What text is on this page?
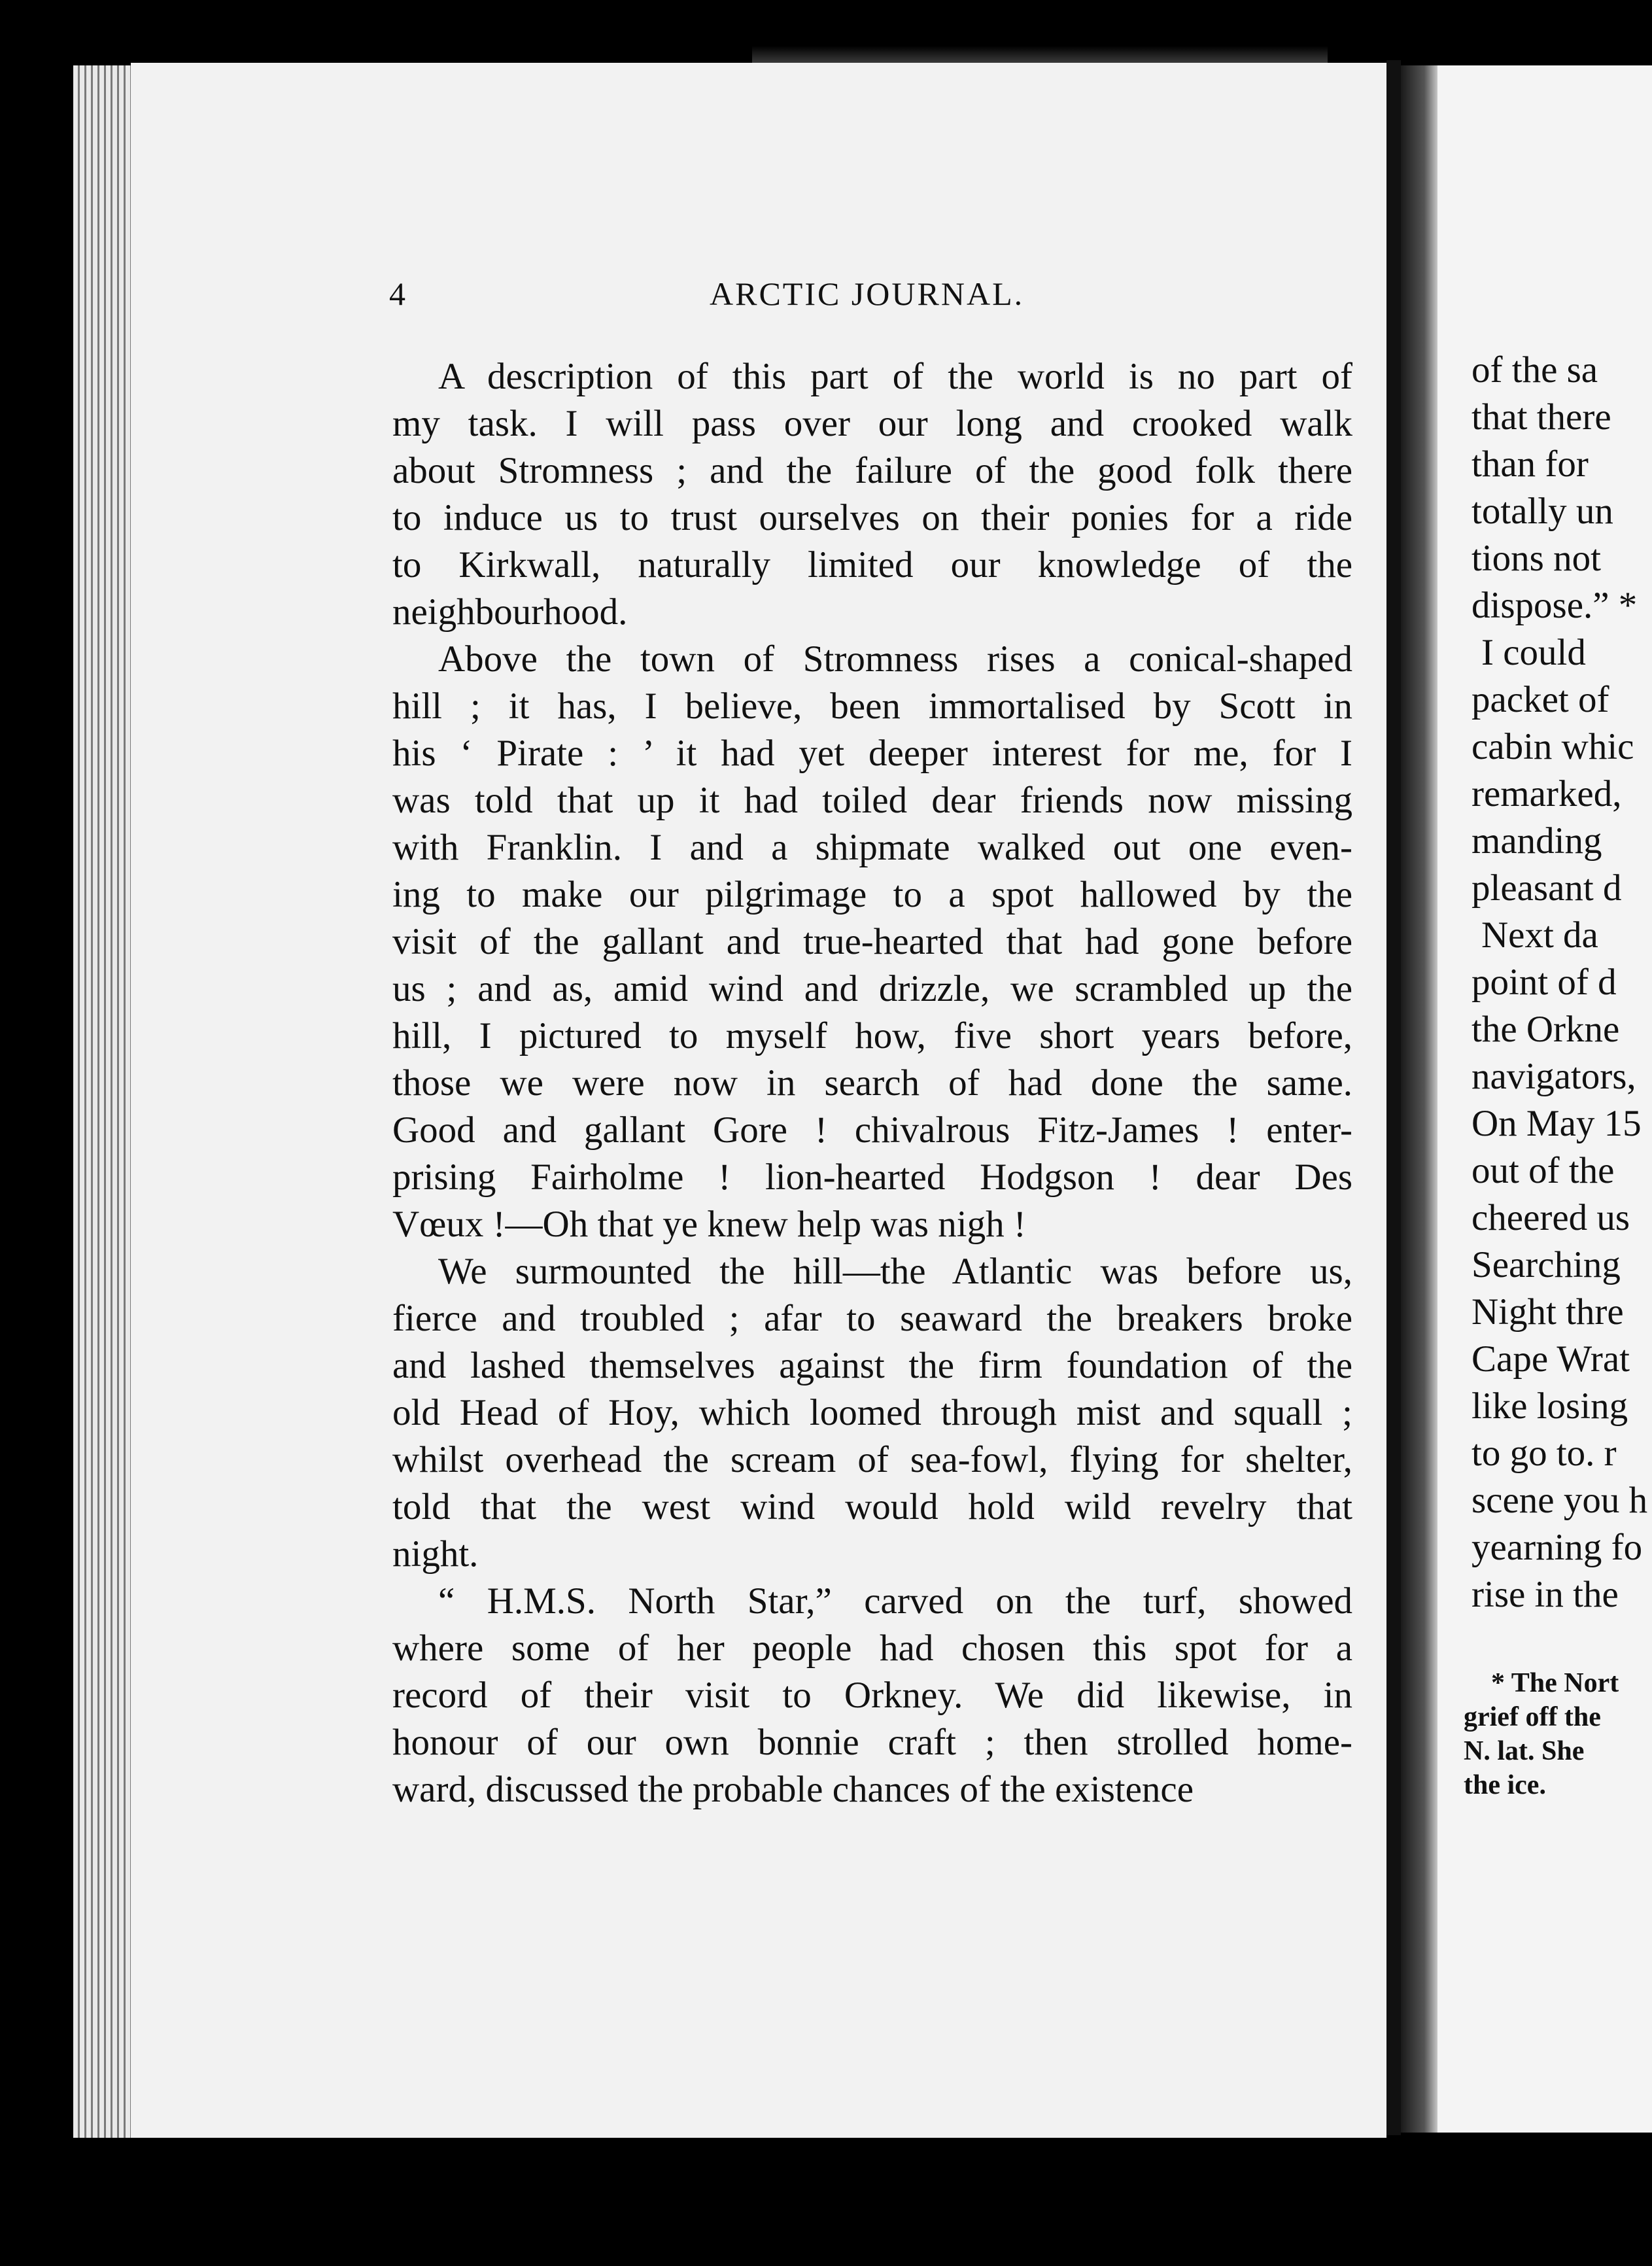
4	ARCTIC JOURNAL.
A description of this part of the world is no part of
my task. I will pass over our long and crooked walk
about Stromness ; and the failure of the good folk there
to induce us to trust ourselves on their ponies for a ride
to Kirkwall, naturally limited our knowledge of the
neighbourhood.
Above the town of Stromness rises a conical-shaped
hill ; it has, I believe, been immortalised by Scott in
his ‘ Pirate : ’ it had yet deeper interest for me, for I
was told that up it had toiled dear friends now missing
with Franklin. I and a shipmate walked out one even-
ing to make our pilgrimage to a spot hallowed by the
visit of the gallant and true-hearted that had gone before
us ; and as, amid wind and drizzle, we scrambled up the
hill, I pictured to myself how, five short years before,
those we were now in search of had done the same.
Good and gallant Gore ! chivalrous Fitz-James ! enter-
prising Fairholme ! lion-hearted Hodgson ! dear Des
Vœux !—Oh that ye knew help was nigh !
We surmounted the hill—the Atlantic was before us,
fierce and troubled ; afar to seaward the breakers broke
and lashed themselves against the firm foundation of the
old Head of Hoy, which loomed through mist and squall ;
whilst overhead the scream of sea-fowl, flying for shelter,
told that the west wind would hold wild revelry that
night.
“ H.M.S. North Star,” carved on the turf, showed
where some of her people had chosen this spot for a
record of their visit to Orkney. We did likewise, in
honour of our own bonnie craft ; then strolled home-
ward, discussed the probable chances of the existence
of the sa
that there
than for
totally un
tions not
dispose.” *
I could
packet of
cabin whic
remarked,
manding
pleasant d
Next da
point of d
the Orkne
navigators,
On May 15
out of the
cheered us
Searching
Night thre
Cape Wrat
like losing
to go to. r
scene you h
yearning fo
rise in the
* The Nort
grief off the
N. lat. She
the ice.
